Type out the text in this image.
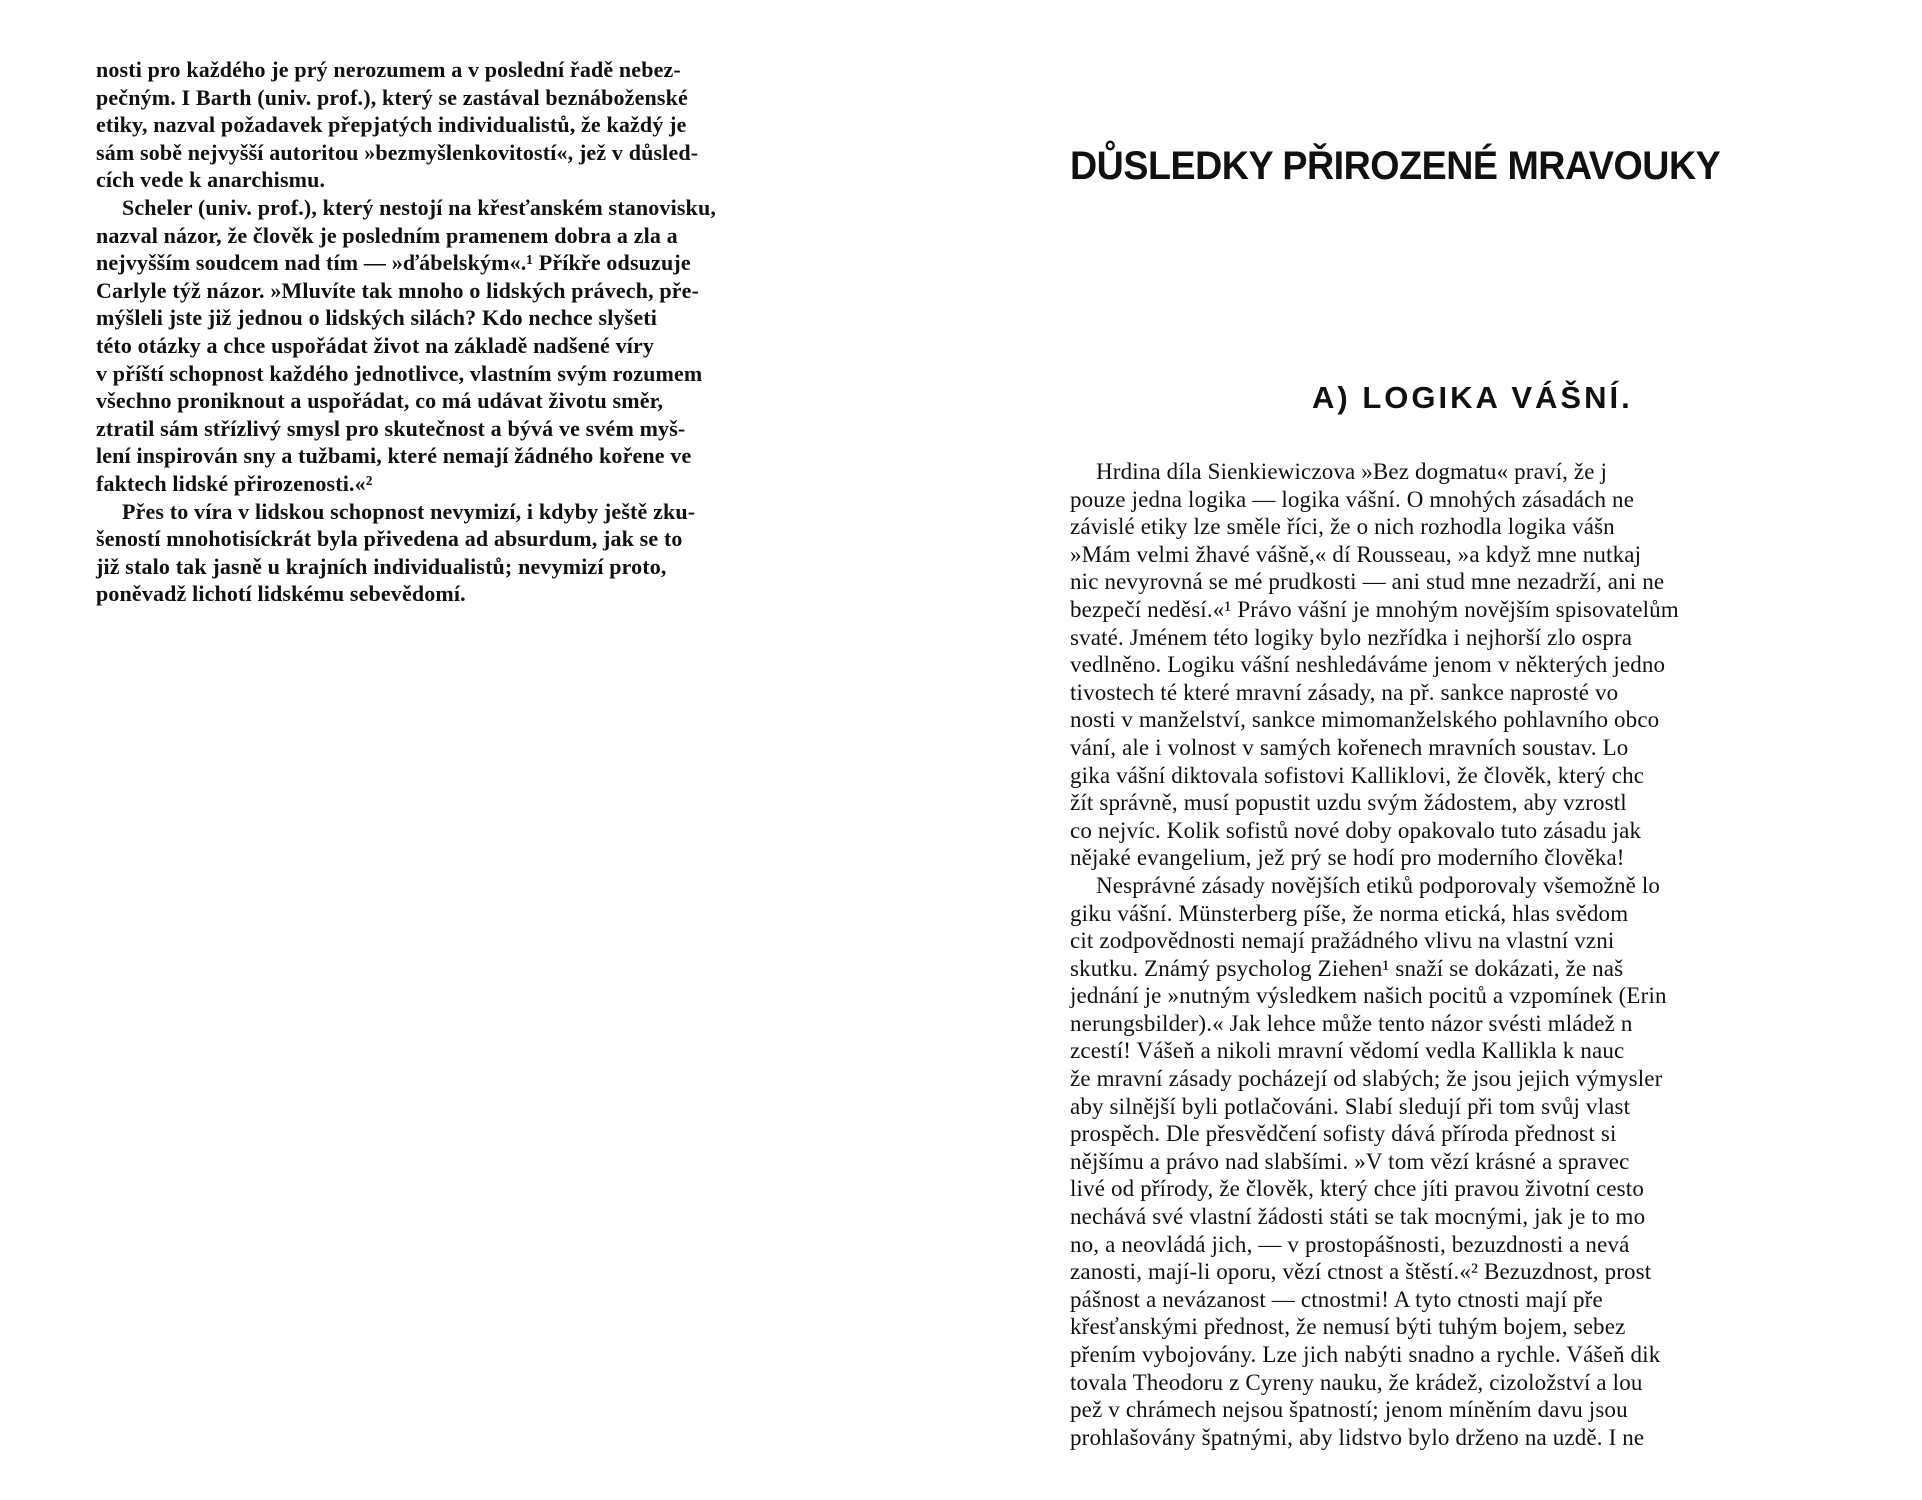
nosti pro každého je prý nerozumem a v poslední řadě nebez-
pečným. I Barth (univ. prof.), který se zastával beznáboženské
etiky, nazval požadavek přepjatých individualistů, že každý je
sám sobě nejvyšší autoritou »bezmyšlenkovitostí«, jež v důsled-
cích vede k anarchismu.
Scheler (univ. prof.), který nestojí na křesťanském stanovisku,
nazval názor, že člověk je posledním pramenem dobra a zla a
nejvyšším soudcem nad tím — »ďábelským«.¹ Příkře odsuzuje
Carlyle týž názor. »Mluvíte tak mnoho o lidských právech, pře-
mýšleli jste již jednou o lidských silách? Kdo nechce slyšeti
této otázky a chce uspořádat život na základě nadšené víry
v příští schopnost každého jednotlivce, vlastním svým rozumem
všechno proniknout a uspořádat, co má udávat životu směr,
ztratil sám střízlivý smysl pro skutečnost a bývá ve svém myš-
lení inspirován sny a tužbami, které nemají žádného kořene ve
faktech lidské přirozenosti.«²
Přes to víra v lidskou schopnost nevymizí, i kdyby ještě zku-
šeností mnohotisíckrát byla přivedena ad absurdum, jak se to
již stalo tak jasně u krajních individualistů; nevymizí proto,
poněvadž lichotí lidskému sebevědomí.
DŮSLEDKY PŘIROZENÉ MRAVOUKY
A) LOGIKA VÁŠNÍ.
Hrdina díla Sienkiewiczova »Bez dogmatu« praví, že j
pouze jedna logika — logika vášní. O mnohých zásadách ne
závislé etiky lze směle říci, že o nich rozhodla logika vášn
»Mám velmi žhavé vášně,« dí Rousseau, »a když mne nutkaj
nic nevyrovná se mé prudkosti — ani stud mne nezadrží, ani ne
bezpečí neděsí.«¹ Právo vášní je mnohým novějším spisovatelům
svaté. Jménem této logiky bylo nezřídka i nejhorší zlo ospra
vedlněno. Logiku vášní neshledáváme jenom v některých jedno
tivostech té které mravní zásady, na př. sankce naprosté vo
nosti v manželství, sankce mimomanželského pohlavního obco
vání, ale i volnost v samých kořenech mravních soustav. Lo
gika vášní diktovala sofistovi Kalliklovi, že člověk, který chc
žít správně, musí popustit uzdu svým žádostem, aby vzrostl
co nejvíc. Kolik sofistů nové doby opakovalo tuto zásadu jak
nějaké evangelium, jež prý se hodí pro moderního člověka!
Nesprávné zásady novějších etiků podporovaly všemožně lo
giku vášní. Münsterberg píše, že norma etická, hlas svědom
cit zodpovědnosti nemají pražádného vlivu na vlastní vzni
skutku. Známý psycholog Ziehen¹ snaží se dokázati, že naš
jednání je »nutným výsledkem našich pocitů a vzpomínek (Erin
nerungsbilder).« Jak lehce může tento názor svésti mládež n
zcestí! Vášeň a nikoli mravní vědomí vedla Kallikla k nauc
že mravní zásady pocházejí od slabých; že jsou jejich výmysler
aby silnější byli potlačováni. Slabí sledují při tom svůj vlast
prospěch. Dle přesvědčení sofisty dává příroda přednost si
nějšímu a právo nad slabšími. »V tom vězí krásné a spravec
livé od přírody, že člověk, který chce jíti pravou životní cesto
nechává své vlastní žádosti státi se tak mocnými, jak je to mo
no, a neovládá jich, — v prostopášnosti, bezuzdnosti a nevá
zanosti, mají-li oporu, vězí ctnost a štěstí.«² Bezuzdnost, prost
pášnost a nevázanost — ctnostmi! A tyto ctnosti mají pře
křesťanskými přednost, že nemusí býti tuhým bojem, sebez
přením vybojovány. Lze jich nabýti snadno a rychle. Vášeň dik
tovala Theodoru z Cyreny nauku, že krádež, cizoložství a lou
pež v chrámech nejsou špatností; jenom míněním davu jsou
prohlašovány špatnými, aby lidstvo bylo drženo na uzdě. I ne
